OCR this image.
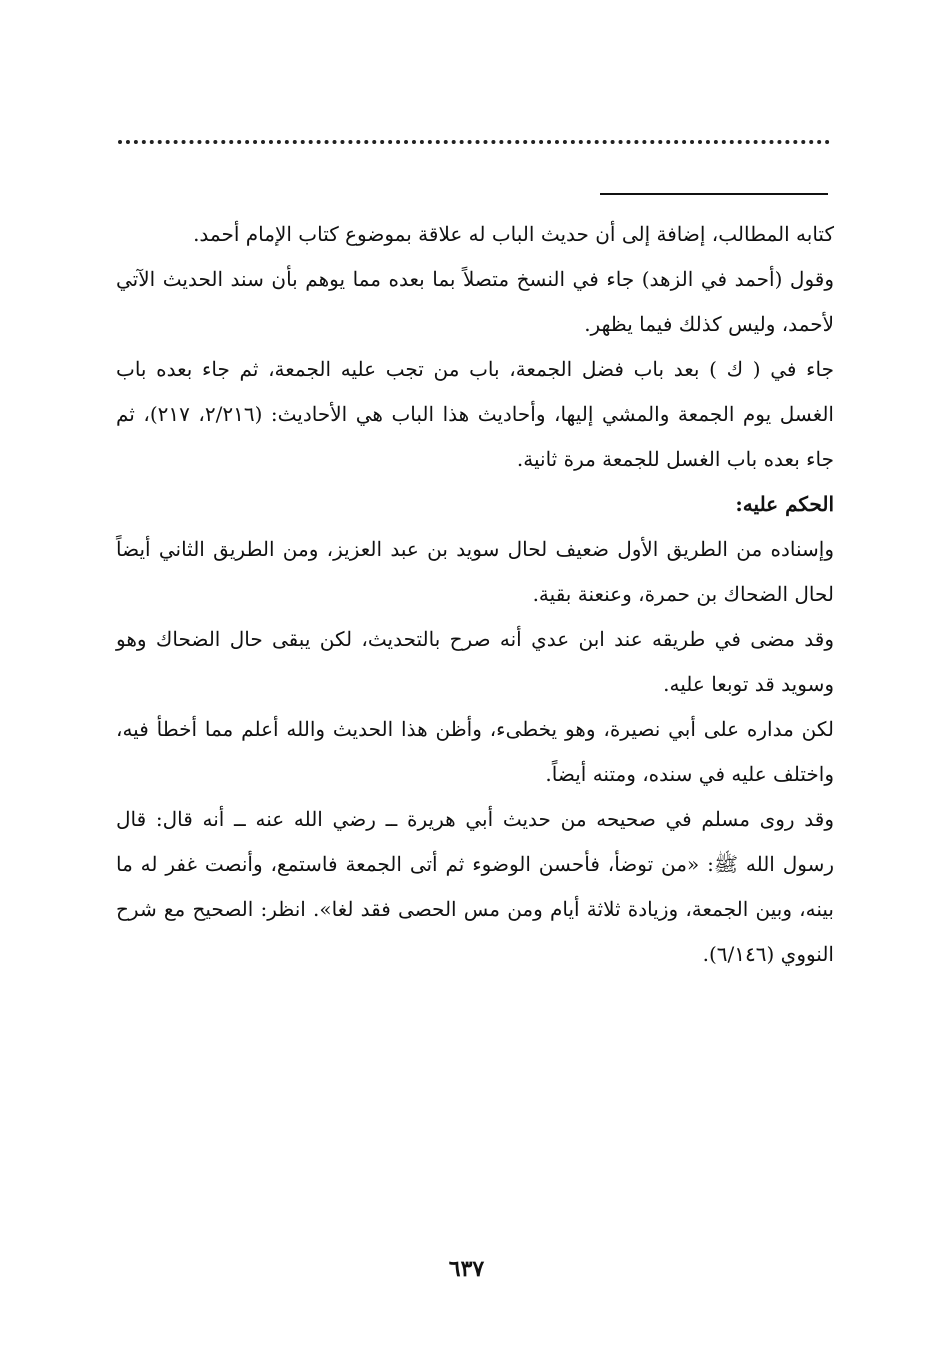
كتابه المطالب، إضافة إلى أن حديث الباب له علاقة بموضوع كتاب الإمام أحمد.

وقول (أحمد في الزهد) جاء في النسخ متصلاً بما بعده مما يوهم بأن سند الحديث الآتي لأحمد، وليس كذلك فيما يظهر.

جاء في ( ك ) بعد باب فضل الجمعة، باب من تجب عليه الجمعة، ثم جاء بعده باب الغسل يوم الجمعة والمشي إليها، وأحاديث هذا الباب هي الأحاديث: (٢/٢١٦، ٢١٧)، ثم جاء بعده باب الغسل للجمعة مرة ثانية.

الحكم عليه:

وإسناده من الطريق الأول ضعيف لحال سويد بن عبد العزيز، ومن الطريق الثاني أيضاً لحال الضحاك بن حمرة، وعنعنة بقية.

وقد مضى في طريقه عند ابن عدي أنه صرح بالتحديث، لكن يبقى حال الضحاك وهو وسويد قد توبعا عليه.

لكن مداره على أبي نصيرة، وهو يخطىء، وأظن هذا الحديث والله أعلم مما أخطأ فيه، واختلف عليه في سنده، ومتنه أيضاً.

وقد روى مسلم في صحيحه من حديث أبي هريرة ــ رضي الله عنه ــ أنه قال: قال رسول الله ﷺ: «من توضأ، فأحسن الوضوء ثم أتى الجمعة فاستمع، وأنصت غفر له ما بينه، وبين الجمعة، وزيادة ثلاثة أيام ومن مس الحصى فقد لغا». انظر: الصحيح مع شرح النووي (٦/١٤٦).

٦٣٧
